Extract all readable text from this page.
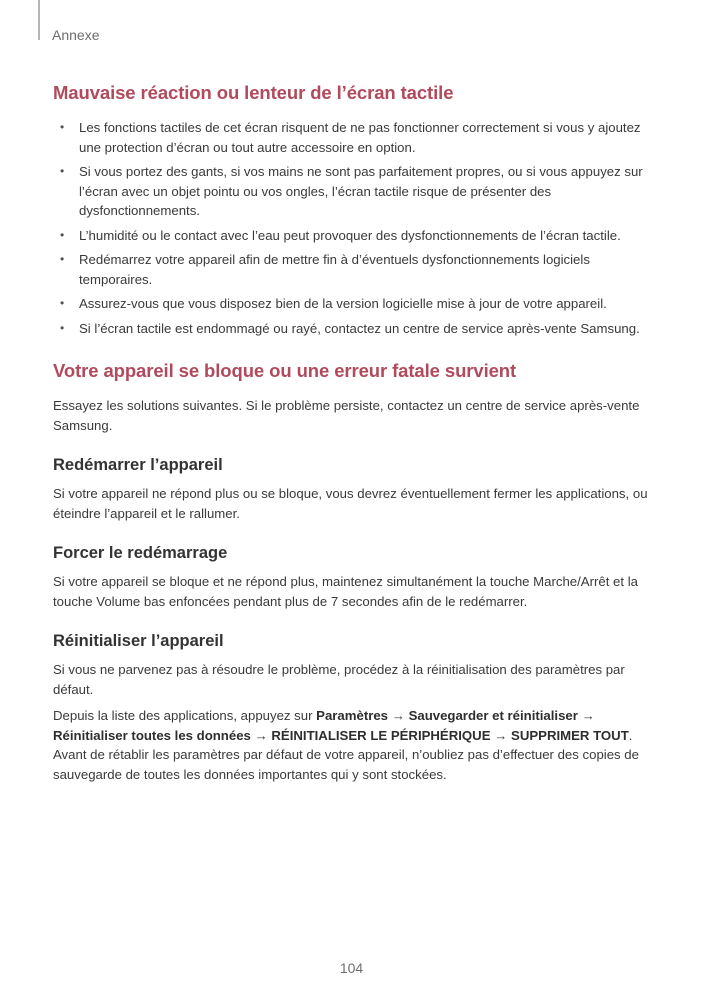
Annexe
Mauvaise réaction ou lenteur de l’écran tactile
• Les fonctions tactiles de cet écran risquent de ne pas fonctionner correctement si vous y ajoutez une protection d’écran ou tout autre accessoire en option.
• Si vous portez des gants, si vos mains ne sont pas parfaitement propres, ou si vous appuyez sur l’écran avec un objet pointu ou vos ongles, l’écran tactile risque de présenter des dysfonctionnements.
• L’humidité ou le contact avec l’eau peut provoquer des dysfonctionnements de l’écran tactile.
• Redémarrez votre appareil afin de mettre fin à d’éventuels dysfonctionnements logiciels temporaires.
• Assurez-vous que vous disposez bien de la version logicielle mise à jour de votre appareil.
• Si l’écran tactile est endommagé ou rayé, contactez un centre de service après-vente Samsung.
Votre appareil se bloque ou une erreur fatale survient

Essayez les solutions suivantes. Si le problème persiste, contactez un centre de service après-vente Samsung.

Redémarrer l’appareil

Si votre appareil ne répond plus ou se bloque, vous devrez éventuellement fermer les applications, ou éteindre l’appareil et le rallumer.

Forcer le redémarrage

Si votre appareil se bloque et ne répond plus, maintenez simultanément la touche Marche/Arrêt et la touche Volume bas enfoncées pendant plus de 7 secondes afin de le redémarrer.

Réinitialiser l’appareil

Si vous ne parvenez pas à résoudre le problème, procédez à la réinitialisation des paramètres par défaut.

Depuis la liste des applications, appuyez sur Paramètres → Sauvegarder et réinitialiser → Réinitialiser toutes les données → RÉINITIALISER LE PÉRIPHÉRIQUE → SUPPRIMER TOUT. Avant de rétablir les paramètres par défaut de votre appareil, n’oubliez pas d’effectuer des copies de sauvegarde de toutes les données importantes qui y sont stockées.

104
